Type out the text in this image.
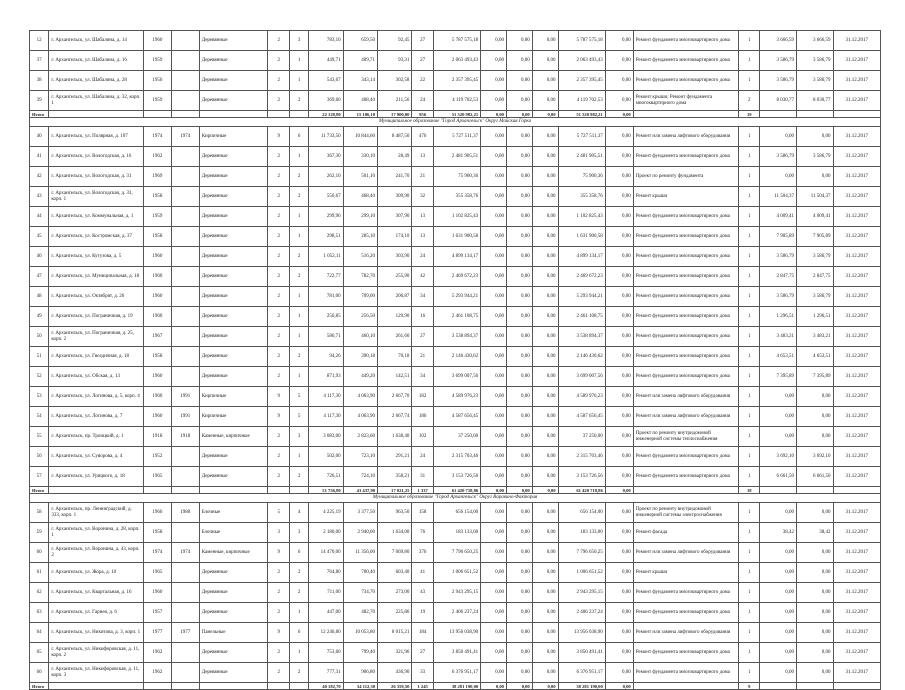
12	г. Архангельск, ул. Шабалина, д. 14	1960		Деревянные	2	3	783,10	659,50	92,45	27	5 787 575,18	0,00	0,00	0,00	5 787 575,18	0,00	Ремонт фундамента многоквартирного дома	1	3 666,59	3 666,59	31.12.2017
37	г. Архангельск, ул. Шабалина, д. 16	1959		Деревянные	2	1	449,71	409,71	93,31	27	2 063 493,43	0,00	0,00	0,00	2 063 493,43	0,00	Ремонт фундамента многоквартирного дома	1	3 586,79	3 586,79	31.12.2017
38	г. Архангельск, ул. Шабалина, д. 28	1956		Деревянные	2	1	543,67	343,14	302,58	22	2 357 395,45	0,00	0,00	0,00	2 357 395,45	0,00	Ремонт фундамента многоквартирного дома	1	3 586,79	3 586,79	31.12.2017
39	г. Архангельск, ул. Шабалина, д. 32, корп. 1	1959		Деревянные	2	2	369,60	408,40	211,56	24	4 119 702,53	0,00	0,00	0,00	4 119 702,53	0,00	Ремонт крыши; Ремонт фундамента многоквартирного дома	2	8 030,77	8 030,77	31.12.2017
Итого							22 128,80	15 106,10	17 900,00	856	51 520 982,21	0,00	0,00	0,00	51 520 982,21	0,00		19			
Муниципальное образование "Город Архангельск" Округ Майская Горка																					
40	г. Архангельск, ул. Полярная, д. 107	1974	1974	Кирпичные	9	6	11 733,50	10 844,60	8 487,50	476	5 727 511,37	0,00	0,00	0,00	5 727 511,37	0,00	Ремонт или замена лифтового оборудования	1	0,00	0,00	31.12.2017
41	г. Архангельск, ул. Вологодская, д. 16	1962		Деревянные	2	1	367,30	330,10	28,49	13	2 481 905,51	0,00	0,00	0,00	2 481 905,51	0,00	Ремонт фундамента многоквартирного дома	1	3 586,79	3 586,79	31.12.2017
42	г. Архангельск, ул. Вологодская, д. 31	1969		Деревянные	2	2	262,10	501,10	241,70	21	75 900,36	0,00	0,00	0,00	75 900,36	0,00	Проект по ремонту фундамента	1	0,00	0,00	31.12.2017
43	г. Архангельск, ул. Вологодская, д. 33, корп. 1	1958		Деревянные	2	2	556,67	468,40	309,90	32	355 358,76	0,00	0,00	0,00	355 358,76	0,00	Ремонт крыши	1	11 504,37	11 504,37	31.12.2017
44	г. Архангельск, ул. Коммунальная, д. 1	1959		Деревянные	2	1	299,96	299,10	307,90	13	1 102 825,43	0,00	0,00	0,00	1 102 825,43	0,00	Ремонт фундамента многоквартирного дома	1	4 009,41	4 009,41	31.12.2017
45	г. Архангельск, ул. Костромская, д. 37	1958		Деревянные	2	1	298,51	285,10	174,10	13	1 631 900,58	0,00	0,00	0,00	1 631 900,58	0,00	Ремонт фундамента многоквартирного дома	1	7 905,89	7 905,89	31.12.2017
46	г. Архангельск, ул. Кутузова, д. 5	1960		Деревянные	2	2	1 052,11	516,20	303,90	24	4 899 134,17	0,00	0,00	0,00	4 899 134,17	0,00	Ремонт фундамента многоквартирного дома	1	3 586,79	3 586,79	31.12.2017
47	г. Архангельск, ул. Муниципальная, д. 18	1960		Деревянные	2	2	722,77	782,70	255,90	42	2 469 672,23	0,00	0,00	0,00	2 469 672,23	0,00	Ремонт фундамента многоквартирного дома	1	2 847,75	2 847,75	31.12.2017
48	г. Архангельск, ул. Октябрят, д. 26	1960		Деревянные	2	1	781,00	709,00	206,87	34	5 293 944,21	0,00	0,00	0,00	5 293 944,21	0,00	Ремонт фундамента многоквартирного дома	1	3 586,79	3 586,79	31.12.2017
49	г. Архангельск, ул. Пограничная, д. 19	1960		Деревянные	2	1	256,85	256,50	129,90	16	2 461 108,75	0,00	0,00	0,00	2 461 108,75	0,00	Ремонт фундамента многоквартирного дома	1	1 296,51	1 296,51	31.12.2017
50	г. Архангельск, ул. Пограничная, д. 25, корп. 2	1967		Деревянные	2	1	586,71	460,10	261,60	27	3 538 894,37	0,00	0,00	0,00	3 538 894,37	0,00	Ремонт фундамента многоквартирного дома	1	3 483,21	3 483,21	31.12.2017
51	г. Архангельск, ул. Гвоздичная, д. 18	1958		Деревянные	2	2	94,26	390,18	70,18	21	2 146 430,62	0,00	0,00	0,00	2 146 430,62	0,00	Ремонт фундамента многоквартирного дома	1	4 653,51	4 653,51	31.12.2017
52	г. Архангельск, ул. Обская, д. 13	1960		Деревянные	2	1	871,93	449,20	142,51	34	3 699 007,56	0,00	0,00	0,00	3 699 007,56	0,00	Ремонт фундамента многоквартирного дома	1	7 395,89	7 395,89	31.12.2017
53	г. Архангельск, ул. Логинова, д. 5, корп. 4	1960	1991	Кирпичные	9	5	4 117,30	4 063,90	2 667,70	182	4 589 976,23	0,00	0,00	0,00	4 589 976,23	0,00	Ремонт или замена лифтового оборудования	1	0,00	0,00	31.12.2017
54	г. Архангельск, ул. Логинова, д. 7	1960	1991	Кирпичные	9	5	4 117,30	4 063,90	2 667,74	186	4 587 656,45	0,00	0,00	0,00	4 587 656,45	0,00	Ремонт или замена лифтового оборудования	1	0,00	0,00	31.12.2017
55	г. Архангельск, пр. Троицкий, д. 1	1918	1918	Каменные, кирпичные	2	3	3 083,00	2 823,60	1 638,40	102	37 250,00	0,00	0,00	0,00	37 250,00	0,00	Проект по ремонту внутридомовой инженерной системы теплоснабжения	1	0,00	0,00	31.12.2017
56	г. Архангельск, ул. Суворова, д. 4	1952		Деревянные	2	1	502,00	723,10	291,21	24	2 315 703,46	0,00	0,00	0,00	2 315 703,46	0,00	Ремонт фундамента многоквартирного дома	1	3 692,10	3 692,10	31.12.2017
57	г. Архангельск, ул. Урицкого, д. 18	1965		Деревянные	2	2	726,51	724,10	358,21	31	3 153 726,56	0,00	0,00	0,00	3 153 726,56	0,00	Ремонт фундамента многоквартирного дома	1	6 661,50	6 661,50	31.12.2017
Итого							51 756,80	43 437,90	17 021,25	1 337	61 420 718,86	0,00	0,00	0,00	61 420 718,86	0,00		18			
Муниципальное образование "Город Архангельск" Округ Варавино-Фактория																					
58	г. Архангельск, пр. Ленинградский, д. 333, корп. 1	1966	1980	Блочные	5	4	4 225,19	3 377,50	963,50	158	656 154,00	0,00	0,00	0,00	656 154,00	0,00	Проект по ремонту внутридомовой инженерной системы электроснабжения	1	0,00	0,00	31.12.2017
59	г. Архангельск, ул. Воронина, д. 28, корп. 1	1958		Блочные	3	3	2 180,00	2 940,00	1 634,00	76	183 133,00	0,00	0,00	0,00	183 133,00	0,00	Ремонт фасада	1	38,42	38,42	31.12.2017
60	г. Архангельск, ул. Воронина, д. 43, корп. 2	1974	1974	Каменные, кирпичные	9	6	14 470,00	11 356,00	7 069,80	376	7 796 650,25	0,00	0,00	0,00	7 796 650,25	0,00	Ремонт или замена лифтового оборудования	1	0,00	0,00	31.12.2017
61	г. Архангельск, ул. Жора, д. 10	1965		Деревянные	2	2	764,80	700,40	603,40	41	1 006 651,52	0,00	0,00	0,00	1 006 651,52	0,00	Ремонт крыши	1	0,00	0,00	31.12.2017
62	г. Архангельск, ул. Квартальная, д. 16	1960		Деревянные	2	2	711,00	734,70	273,00	43	2 943 295,15	0,00	0,00	0,00	2 943 295,15	0,00	Ремонт фундамента многоквартирного дома	1	0,00	0,00	31.12.2017
63	г. Архангельск, ул. Гарнея, д. 6	1957		Деревянные	2	1	447,00	482,70	225,86	19	2 406 237,24	0,00	0,00	0,00	2 406 237,24	0,00	Ремонт фундамента многоквартирного дома	1	0,00	0,00	31.12.2017
64	г. Архангельск, ул. Никитова, д. 3, корп. 1	1977	1977	Панельные	9	6	12 246,80	10 053,80	8 015,21	184	13 956 038,90	0,00	0,00	0,00	13 956 038,90	0,00	Ремонт или замена лифтового оборудования	1	0,00	0,00	31.12.2017
65	г. Архангельск, ул. Никифоровская, д. 11, корп. 2	1962		Деревянные	2	1	753,60	799,40	321,96	27	3 850 491,41	0,00	0,00	0,00	3 850 491,41	0,00	Ремонт фундамента многоквартирного дома	1	0,00	0,00	31.12.2017
66	г. Архангельск, ул. Никифоровская, д. 11, корп. 3	1962		Деревянные	2	2	777,31	906,80	436,90	33	6 376 951,17	0,00	0,00	0,00	6 376 951,17	0,00	Ремонт фундамента многоквартирного дома	1	0,00	0,00	31.12.2017
Итого							40 182,70	34 112,30	26 359,50	1 245	38 281 190,00	0,00	0,00	0,00	38 281 190,00	0,00		9			
